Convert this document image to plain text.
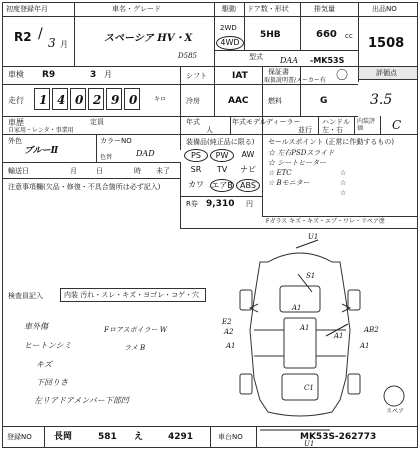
初度登録年月
R2 /
3 月
車名・グレード
スペーシア HV・X
D585
駆動
2WD
4WD
ドア数・形状
5HB
排気量
660 cc
型式 DAA -MK53S
出品NO
1508
車検 R9	3 月	シフト	IAT	保証書
取扱説明書/メーカー有 〇	評価点
走行 1 4 0 2 9 0	キロ	冷房	AAC	燃料	G	3.5
車歴
自家用・レンタ・事業用
定員	年式
人
年式モデル ディーラー
並行
ハンドル
左・右
内装評価	C
外色
ブルーⅡ
カラーNO
DAD
色替
装備品(純正品に限る)
PS	PW	AW
SR	TV	ナビ
カワ エアB ABS
R券 9,310 円
セールスポイント (正常に作動するもの)
☆ 左右PSDスライド
☆ シートヒーター
☆ ETC
☆ Bモニター
☆
☆
☆
Fガラス キズ・キズ・エブ・ワレ・リペア塗
輸送日	月	日	時 未了
注意事項欄(欠品・修復・不具合箇所は必ず記入)
検査員記入	内装 汚れ・スレ・キズ・ヨゴレ・コゲ・穴
車外傷
ヒートンシミ
キズ
下回りさ
左リアドアメンバー下部凹
Fロアスポイラー W
ラメ B
U1
S1
A1
E2
A2
A1
A1
A1
AB2
A1
C1
U1
スペア
登録NO 長岡	581 え	4291	車台NO	MK53S-262773
